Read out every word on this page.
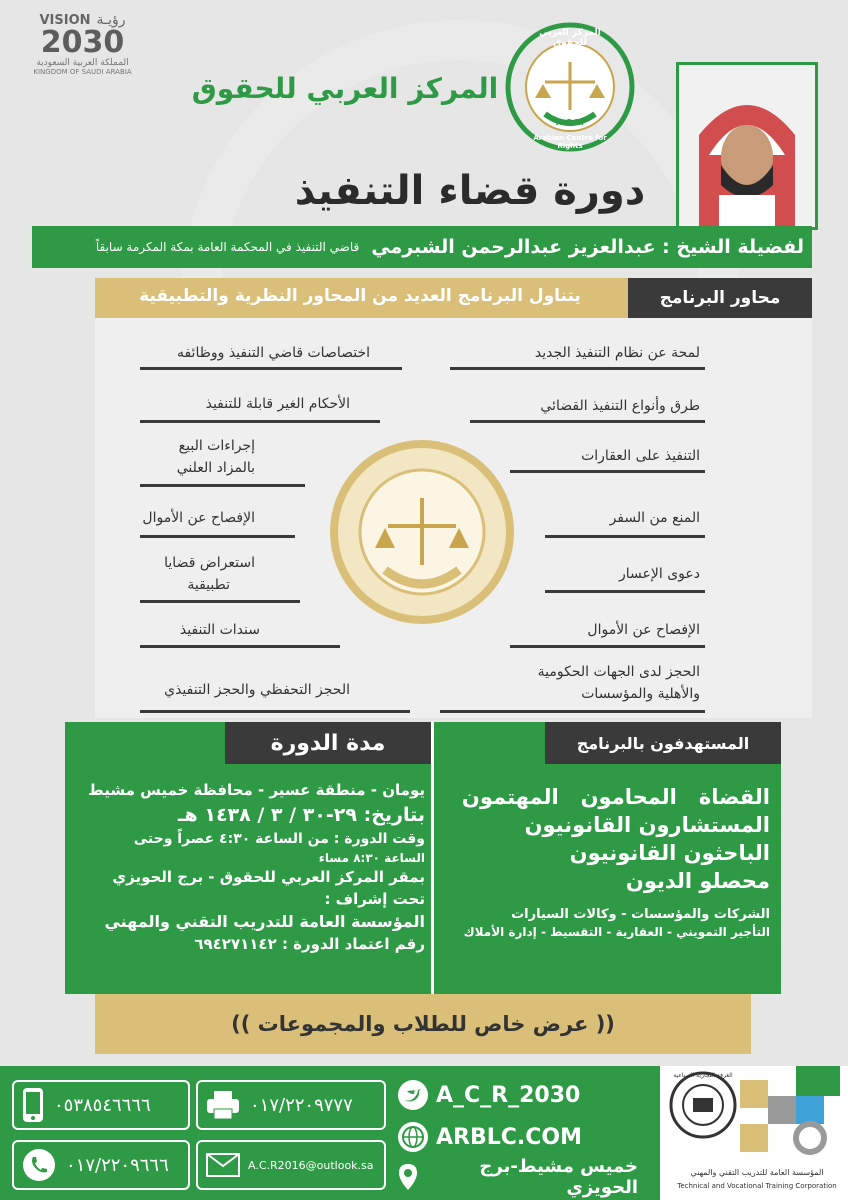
VISION رؤيـة
2030
المملكة العربية السعودية
KINGDOM OF SAUDI ARABIA	المركز العربي للحقوق
المركز العربي للحقوق
A.C.R.
Arabian Centre for Rights
دورة قضاء التنفيذ
لفضيلة الشيخ : عبدالعزيز عبدالرحمن الشبرمي
قاضي التنفيذ في المحكمة العامة بمكة المكرمة سابقاً
محاور البرنامج
يتناول البرنامج العديد من المحاور النظرية والتطبيقية
لمحة عن نظام التنفيذ الجديد
طرق وأنواع التنفيذ القضائي
التنفيذ على العقارات
المنع من السفر
دعوى الإعسار
الإفصاح عن الأموال
الحجز لدى الجهات الحكومية
والأهلية والمؤسسات
اختصاصات قاضي التنفيذ ووظائفه
الأحكام الغير قابلة للتنفيذ
إجراءات البيع
بالمزاد العلني
الإفصاح عن الأموال
استعراض قضايا
تطبيقية
سندات التنفيذ
الحجز التحفظي والحجز التنفيذي
مدة الدورة
يومان - منطقة عسير - محافظة خميس مشيط
بتاريخ: ٢٩-٣٠ / ٣ / ١٤٣٨ هـ
وقت الدورة : من الساعة ٤:٣٠ عصراً وحتى
الساعة ٨:٣٠ مساء
بمقر المركز العربي للحقوق - برج الحويزي
تحت إشراف :
المؤسسة العامة للتدريب التقني والمهني
رقم اعتماد الدورة : ٦٩٤٢٧١١٤٢
المستهدفون بالبرنامج
القضاة   المحامون   المهتمون
المستشارون القانونيون
الباحثون القانونيون
محصلو الديون
الشركات والمؤسسات - وكالات السيارات
التأجير التمويني - العقارية - التقسيط - إدارة الأملاك
(( عرض خاص للطلاب والمجموعات ))
٠٥٣٨٥٤٦٦٦٦
٠١٧/٢٢٠٩٦٦٦
٠١٧/٢٢٠٩٧٧٧
A.C.R2016@outlook.sa
A_C_R_2030
ARBLC.COM
خميس مشيط-برج الحويزي
الغرفة التجارية الصناعية
المؤسسة العامة للتدريب التقني والمهني
Technical and Vocational Training Corporation
